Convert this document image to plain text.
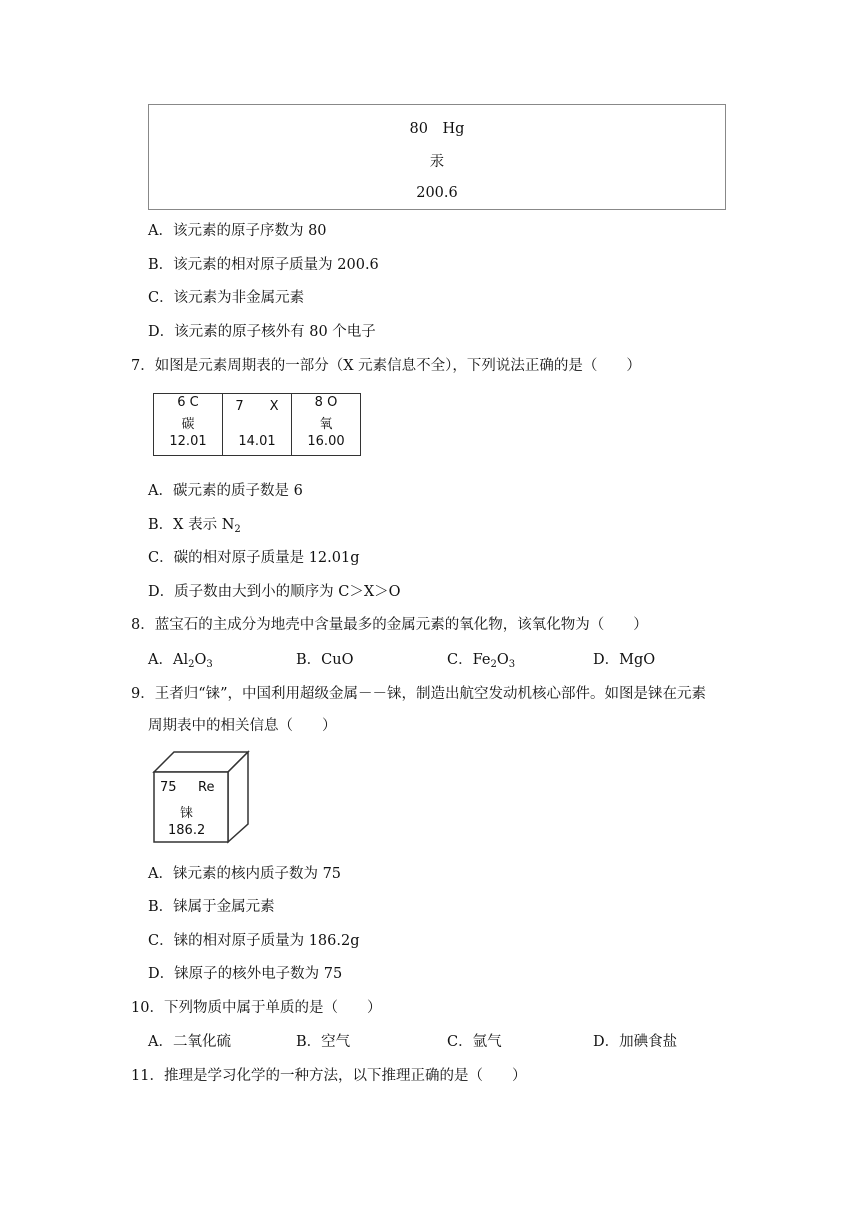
80　Hg
汞
200.6
A．该元素的原子序数为 80
B．该元素的相对原子质量为 200.6
C．该元素为非金属元素
D．该元素的原子核外有 80 个电子
7．如图是元素周期表的一部分（X 元素信息不全），下列说法正确的是（　　）
6 C
碳
12.01
7　　X
14.01
8 O
氧
16.00
A．碳元素的质子数是 6
B．X 表示 $N_2$
C．碳的相对原子质量是 12.01g
D．质子数由大到小的顺序为 C＞X＞O
8．蓝宝石的主成分为地壳中含量最多的金属元素的氧化物，该氧化物为（　　）
A．$Al_2O_3$	B．CuO	C．$Fe_2O_3$	D．MgO
9．王者归“铼”，中国利用超级金属－－铼，制造出航空发动机核心部件。如图是铼在元素
周期表中的相关信息（　　）
75 Re
铼
186.2
A．铼元素的核内质子数为 75
B．铼属于金属元素
C．铼的相对原子质量为 186.2g
D．铼原子的核外电子数为 75
10．下列物质中属于单质的是（　　）
A．二氧化硫	B．空气	C．氩气	D．加碘食盐
11．推理是学习化学的一种方法，以下推理正确的是（　　）
